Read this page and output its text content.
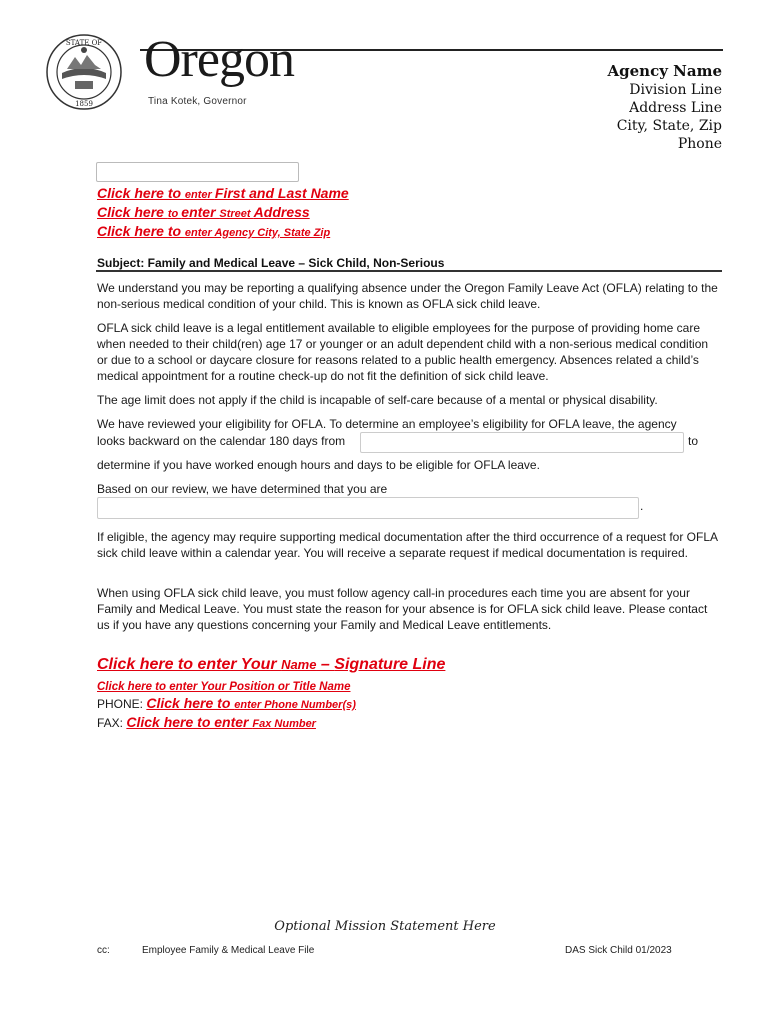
STATE OF
1859
Oregon
Tina Kotek, Governor
Agency Name
Division Line
Address Line
City, State, Zip
Phone
Click here to enter First and Last Name
Click here to enter Street Address
Click here to enter Agency City, State Zip
Subject: Family and Medical Leave – Sick Child, Non-Serious
We understand you may be reporting a qualifying absence under the Oregon Family Leave Act (OFLA) relating to the non-serious medical condition of your child. This is known as OFLA sick child leave.
OFLA sick child leave is a legal entitlement available to eligible employees for the purpose of providing home care when needed to their child(ren) age 17 or younger or an adult dependent child with a non-serious medical condition or due to a school or daycare closure for reasons related to a public health emergency. Absences related a child’s medical appointment for a routine check-up do not fit the definition of sick child leave.
The age limit does not apply if the child is incapable of self-care because of a mental or physical disability.
We have reviewed your eligibility for OFLA. To determine an employee’s eligibility for OFLA leave, the agency
looks backward on the calendar 180 days from	to
determine if you have worked enough hours and days to be eligible for OFLA leave.
Based on our review, we have determined that you are
.
If eligible, the agency may require supporting medical documentation after the third occurrence of a request for OFLA sick child leave within a calendar year. You will receive a separate request if medical documentation is required.
When using OFLA sick child leave, you must follow agency call-in procedures each time you are absent for your Family and Medical Leave. You must state the reason for your absence is for OFLA sick child leave. Please contact us if you have any questions concerning your Family and Medical Leave entitlements.
Click here to enter Your Name – Signature Line
Click here to enter Your Position or Title Name
PHONE: Click here to enter Phone Number(s)
FAX: Click here to enter Fax Number
Optional Mission Statement Here
cc:	Employee Family & Medical Leave File	DAS Sick Child 01/2023
